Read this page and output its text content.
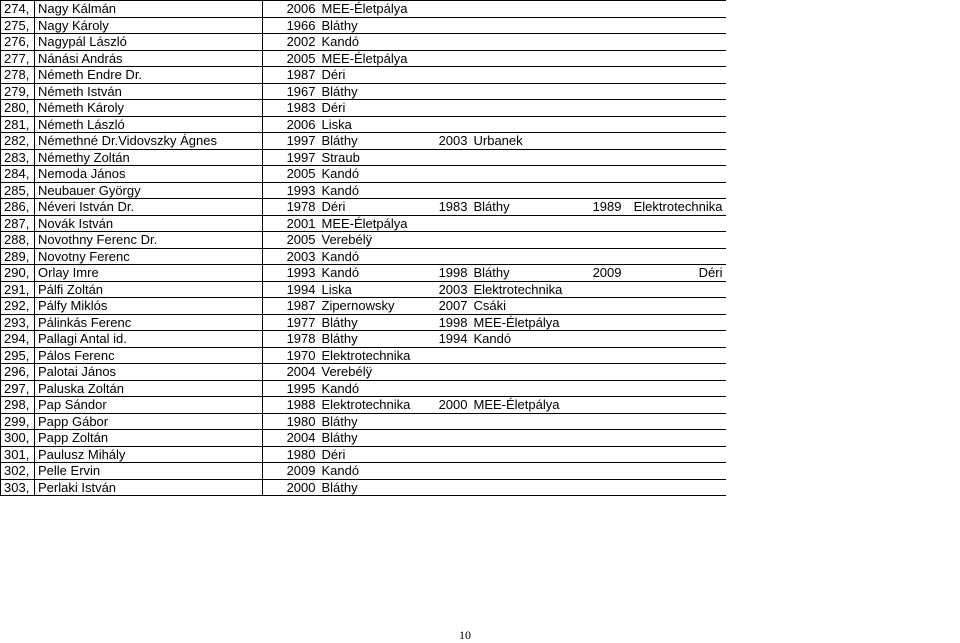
274,	Nagy Kálmán	2006	MEE-Életpálya				
275,	Nagy Károly	1966	Bláthy				
276,	Nagypál László	2002	Kandó				
277,	Nánási András	2005	MEE-Életpálya				
278,	Németh Endre Dr.	1987	Déri				
279,	Németh István	1967	Bláthy				
280,	Németh Károly	1983	Déri				
281,	Németh László	2006	Liska				
282,	Némethné Dr.Vidovszky Ágnes	1997	Bláthy	2003	Urbanek		
283,	Némethy Zoltán	1997	Straub				
284,	Nemoda János	2005	Kandó				
285,	Neubauer György	1993	Kandó				
286,	Néveri István Dr.	1978	Déri	1983	Bláthy	1989	Elektrotechnika
287,	Novák István	2001	MEE-Életpálya				
288,	Novothny Ferenc Dr.	2005	Verebélÿ				
289,	Novotny Ferenc	2003	Kandó				
290,	Orlay Imre	1993	Kandó	1998	Bláthy	2009	Déri
291,	Pálfi Zoltán	1994	Liska	2003	Elektrotechnika		
292,	Pálfy Miklós	1987	Zipernowsky	2007	Csáki		
293,	Pálinkás Ferenc	1977	Bláthy	1998	MEE-Életpálya		
294,	Pallagi Antal id.	1978	Bláthy	1994	Kandó		
295,	Pálos Ferenc	1970	Elektrotechnika				
296,	Palotai János	2004	Verebélÿ				
297,	Paluska Zoltán	1995	Kandó				
298,	Pap Sándor	1988	Elektrotechnika	2000	MEE-Életpálya		
299,	Papp Gábor	1980	Bláthy				
300,	Papp Zoltán	2004	Bláthy				
301,	Paulusz Mihály	1980	Déri				
302,	Pelle Ervin	2009	Kandó				
303,	Perlaki István	2000	Bláthy				
10
